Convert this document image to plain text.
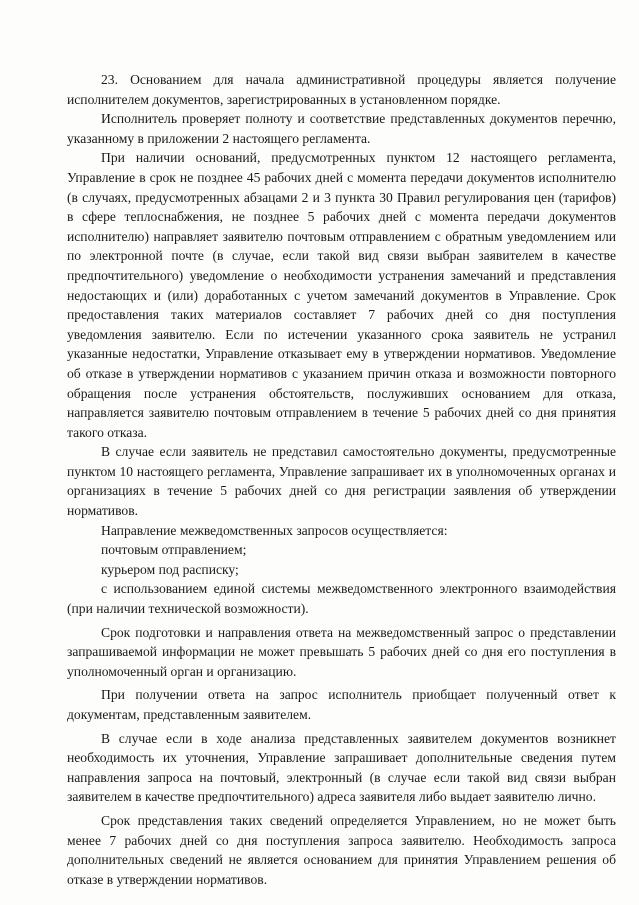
23. Основанием для начала административной процедуры является получение исполнителем документов, зарегистрированных в установленном порядке.

Исполнитель проверяет полноту и соответствие представленных документов перечню, указанному в приложении 2 настоящего регламента.

При наличии оснований, предусмотренных пунктом 12 настоящего регламента, Управление в срок не позднее 45 рабочих дней с момента передачи документов исполнителю (в случаях, предусмотренных абзацами 2 и 3 пункта 30 Правил регулирования цен (тарифов) в сфере теплоснабжения, не позднее 5 рабочих дней с момента передачи документов исполнителю) направляет заявителю почтовым отправлением с обратным уведомлением или по электронной почте (в случае, если такой вид связи выбран заявителем в качестве предпочтительного) уведомление о необходимости устранения замечаний и представления недостающих и (или) доработанных с учетом замечаний документов в Управление. Срок предоставления таких материалов составляет 7 рабочих дней со дня поступления уведомления заявителю. Если по истечении указанного срока заявитель не устранил указанные недостатки, Управление отказывает ему в утверждении нормативов. Уведомление об отказе в утверждении нормативов с указанием причин отказа и возможности повторного обращения после устранения обстоятельств, послуживших основанием для отказа, направляется заявителю почтовым отправлением в течение 5 рабочих дней со дня принятия такого отказа.

В случае если заявитель не представил самостоятельно документы, предусмотренные пунктом 10 настоящего регламента, Управление запрашивает их в уполномоченных органах и организациях в течение 5 рабочих дней со дня регистрации заявления об утверждении нормативов.

Направление межведомственных запросов осуществляется:

почтовым отправлением;

курьером под расписку;

с использованием единой системы межведомственного электронного взаимодействия (при наличии технической возможности).

Срок подготовки и направления ответа на межведомственный запрос о представлении запрашиваемой информации не может превышать 5 рабочих дней со дня его поступления в уполномоченный орган и организацию.

При получении ответа на запрос исполнитель приобщает полученный ответ к документам, представленным заявителем.

В случае если в ходе анализа представленных заявителем документов возникнет необходимость их уточнения, Управление запрашивает дополнительные сведения путем направления запроса на почтовый, электронный (в случае если такой вид связи выбран заявителем в качестве предпочтительного) адреса заявителя либо выдает заявителю лично.

Срок представления таких сведений определяется Управлением, но не может быть менее 7 рабочих дней со дня поступления запроса заявителю. Необходимость запроса дополнительных сведений не является основанием для принятия Управлением решения об отказе в утверждении нормативов.
